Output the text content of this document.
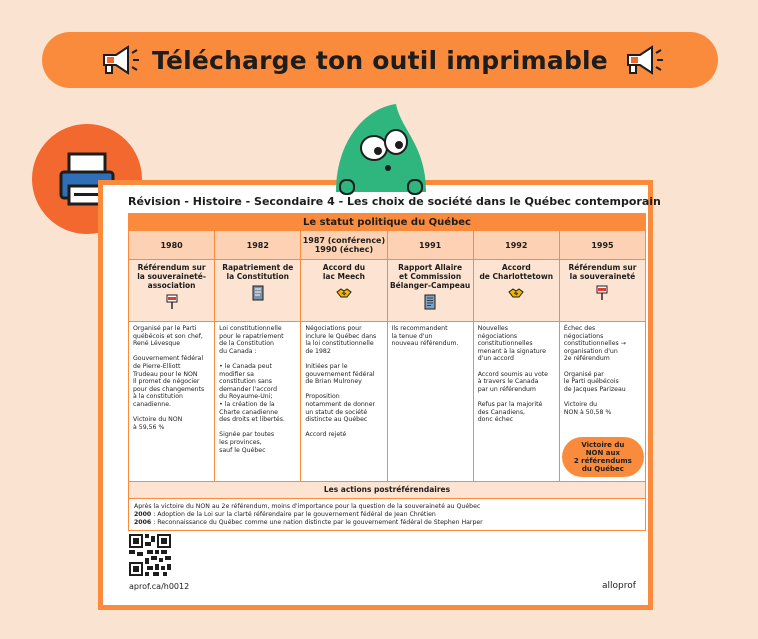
Télécharge ton outil imprimable
Révision - Histoire - Secondaire 4 - Les choix de société dans le Québec contemporain
Le statut politique du Québec
1980
Référendum sur
la souveraineté-
association
Organisé par le Parti
québécois et son chef,
René Lévesque

Gouvernement fédéral
de Pierre-Elliott
Trudeau pour le NON
Il promet de négocier
pour des changements
à la constitution
canadienne.

Victoire du NON
à 59,56 %
1982
Rapatriement de
la Constitution
Loi constitutionnelle
pour le rapatriement
de la Constitution
du Canada :

• le Canada peut
modifier sa
constitution sans
demander l'accord
du Royaume-Uni;
• la création de la
Charte canadienne
des droits et libertés.

Signée par toutes
les provinces,
sauf le Québec
1987 (conférence)
1990 (échec)
Accord du
lac Meech
Négociations pour
inclure le Québec dans
la loi constitutionnelle
de 1982

Initiées par le
gouvernement fédéral
de Brian Mulroney

Proposition
notamment de donner
un statut de société
distincte au Québec

Accord rejeté
1991
Rapport Allaire
et Commission
Bélanger-Campeau
Ils recommandent
la tenue d'un
nouveau référendum.
1992
Accord
de Charlottetown
Nouvelles
négociations
constitutionnelles
menant à la signature
d'un accord

Accord soumis au vote
à travers le Canada
par un référendum

Refus par la majorité
des Canadiens,
donc échec
1995
Référendum sur
la souveraineté
Échec des
négociations
constitutionnelles →
organisation d'un
2e référendum

Organisé par
le Parti québécois
de Jacques Parizeau

Victoire du
NON à 50,58 %
Victoire du
NON aux
2 référendums
du Québec
Les actions postréférendaires
Après la victoire du NON au 2e référendum, moins d'importance pour la question de la souveraineté au Québec
2000 : Adoption de la Loi sur la clarté référendaire par le gouvernement fédéral de Jean Chrétien
2006 : Reconnaissance du Québec comme une nation distincte par le gouvernement fédéral de Stephen Harper
aprof.ca/h0012	alloprof
